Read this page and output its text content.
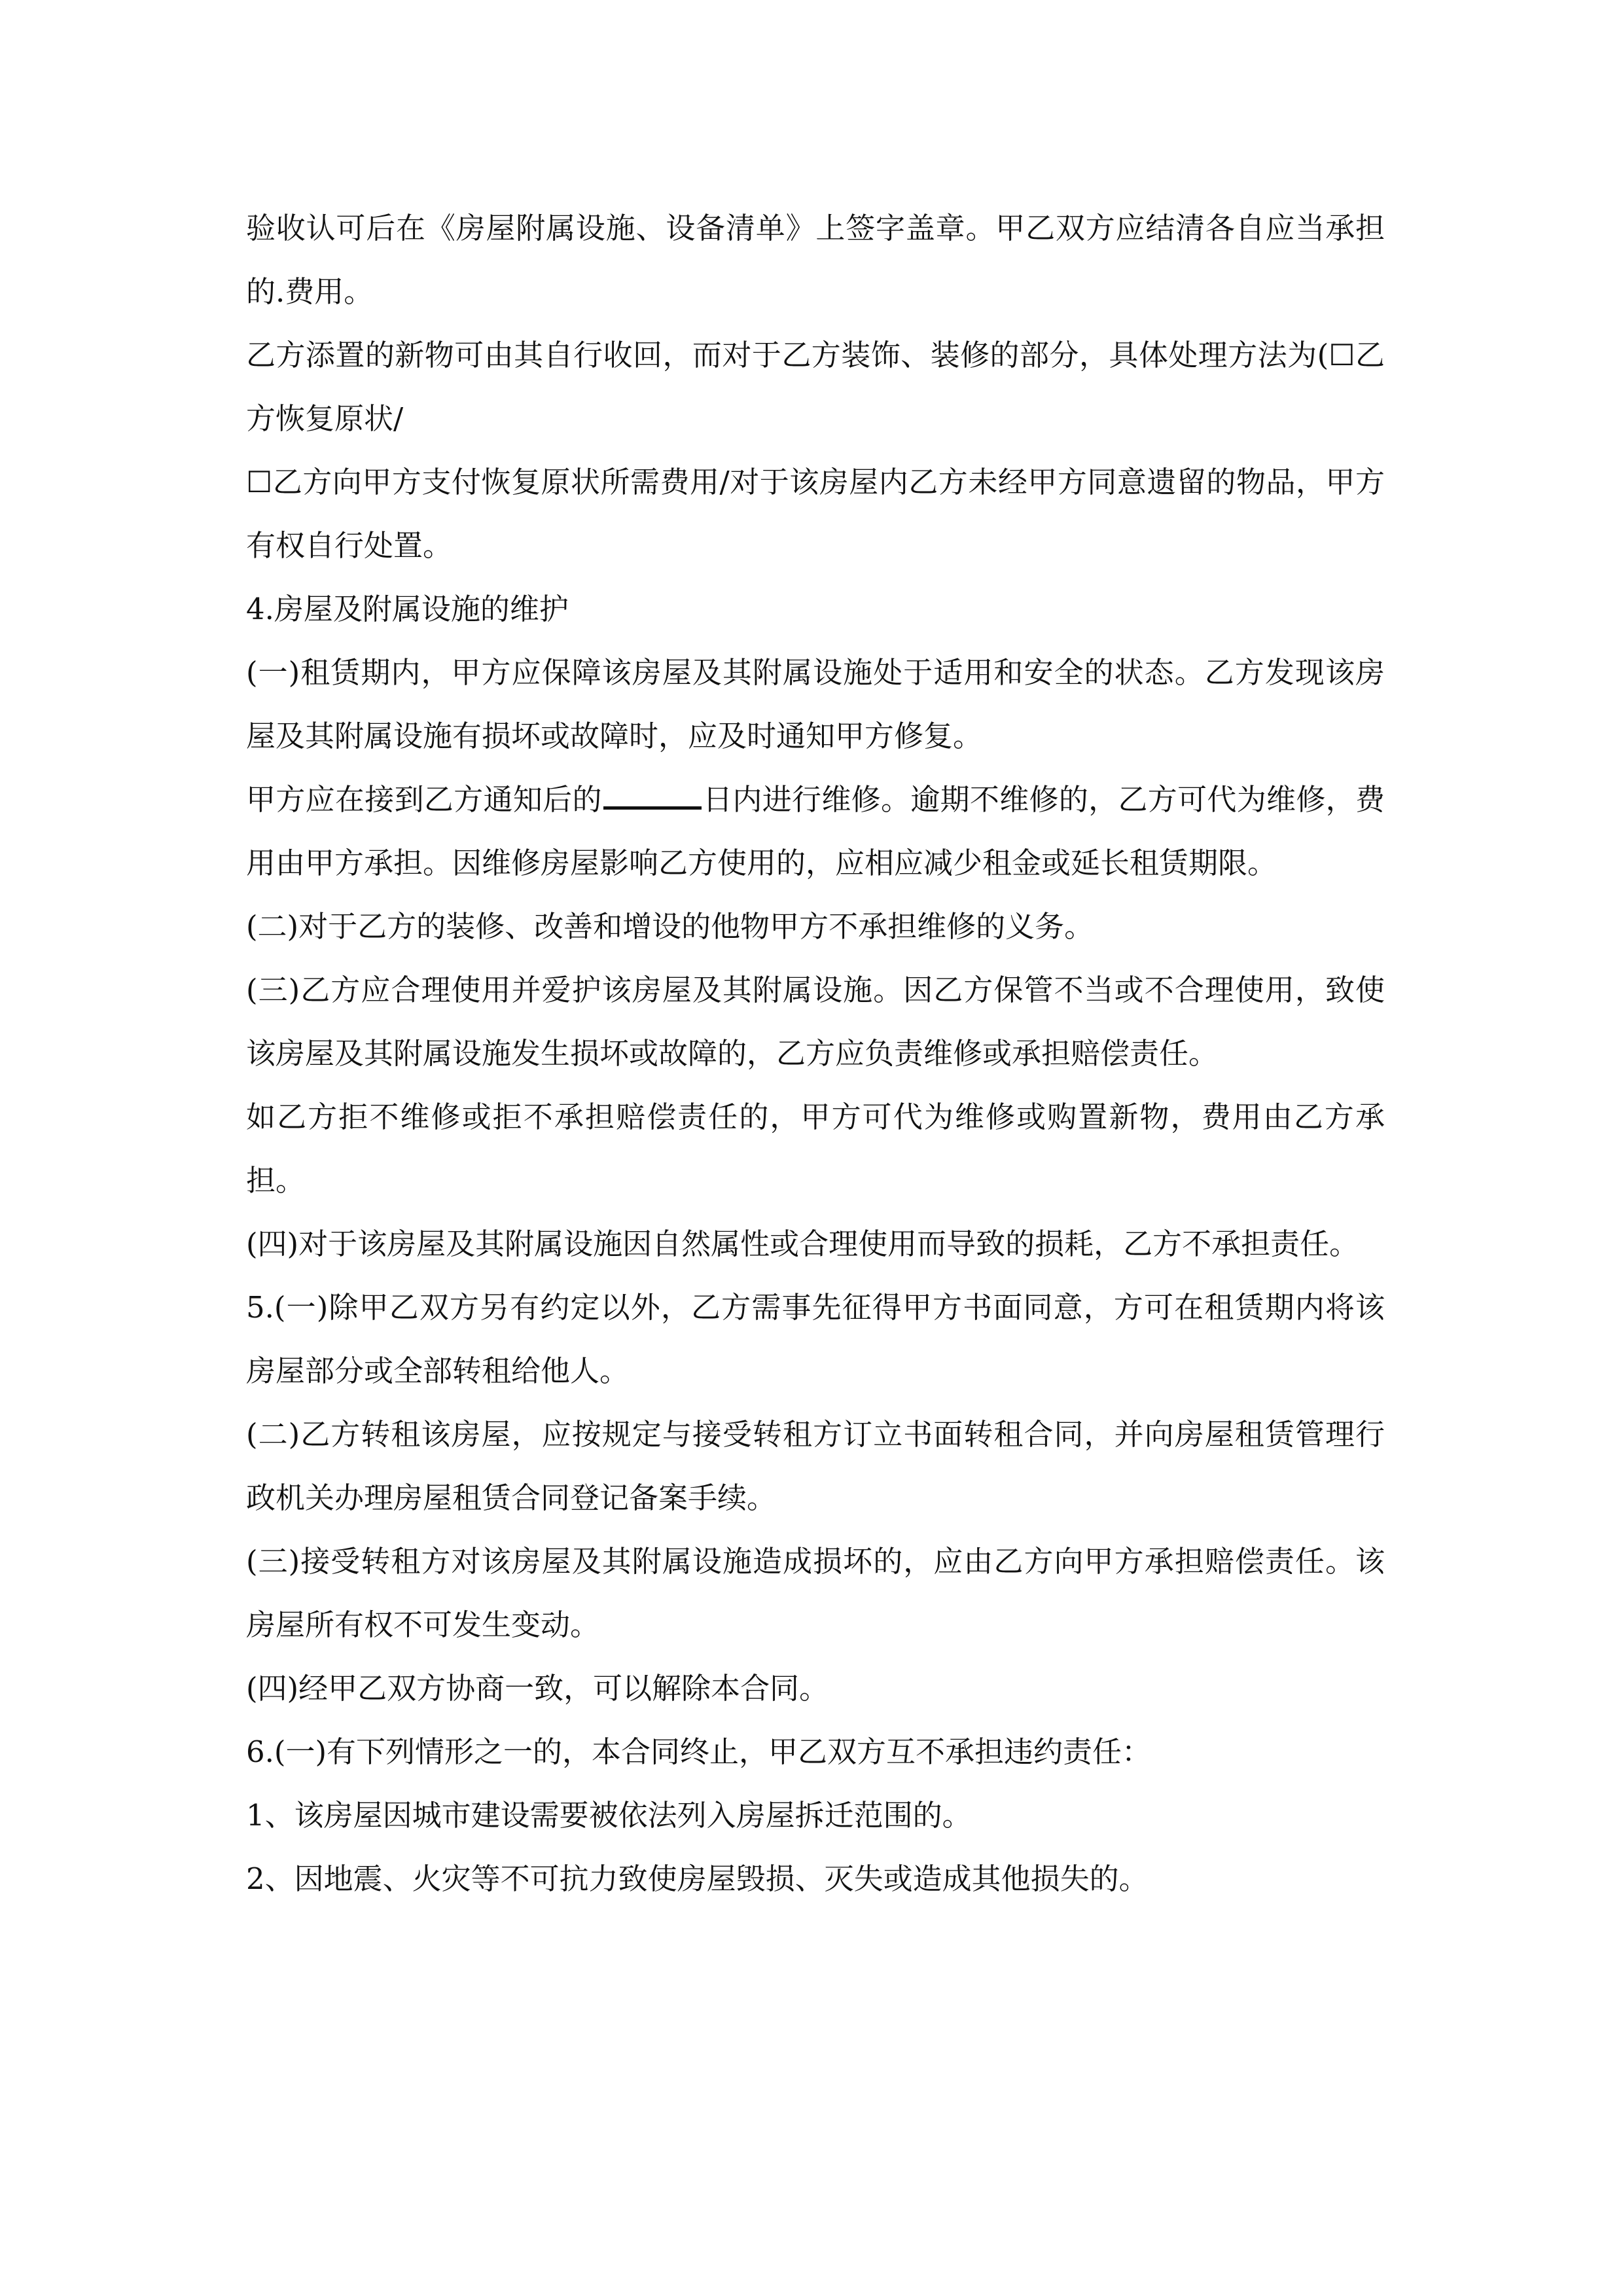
验收认可后在《房屋附属设施、设备清单》上签字盖章。甲乙双方应结清各自应当承担的.费用。

乙方添置的新物可由其自行收回，而对于乙方装饰、装修的部分，具体处理方法为(☐乙方恢复原状/

☐乙方向甲方支付恢复原状所需费用/对于该房屋内乙方未经甲方同意遗留的物品，甲方有权自行处置。

4.房屋及附属设施的维护

(一)租赁期内，甲方应保障该房屋及其附属设施处于适用和安全的状态。乙方发现该房屋及其附属设施有损坏或故障时，应及时通知甲方修复。

甲方应在接到乙方通知后的	日内进行维修。逾期不维修的，乙方可代为维修，费用由甲方承担。因维修房屋影响乙方使用的，应相应减少租金或延长租赁期限。

(二)对于乙方的装修、改善和增设的他物甲方不承担维修的义务。

(三)乙方应合理使用并爱护该房屋及其附属设施。因乙方保管不当或不合理使用，致使该房屋及其附属设施发生损坏或故障的，乙方应负责维修或承担赔偿责任。

如乙方拒不维修或拒不承担赔偿责任的，甲方可代为维修或购置新物，费用由乙方承担。

(四)对于该房屋及其附属设施因自然属性或合理使用而导致的损耗，乙方不承担责任。

5.(一)除甲乙双方另有约定以外，乙方需事先征得甲方书面同意，方可在租赁期内将该房屋部分或全部转租给他人。

(二)乙方转租该房屋，应按规定与接受转租方订立书面转租合同，并向房屋租赁管理行政机关办理房屋租赁合同登记备案手续。

(三)接受转租方对该房屋及其附属设施造成损坏的，应由乙方向甲方承担赔偿责任。该房屋所有权不可发生变动。

(四)经甲乙双方协商一致，可以解除本合同。

6.(一)有下列情形之一的，本合同终止，甲乙双方互不承担违约责任：

1、该房屋因城市建设需要被依法列入房屋拆迁范围的。

2、因地震、火灾等不可抗力致使房屋毁损、灭失或造成其他损失的。
